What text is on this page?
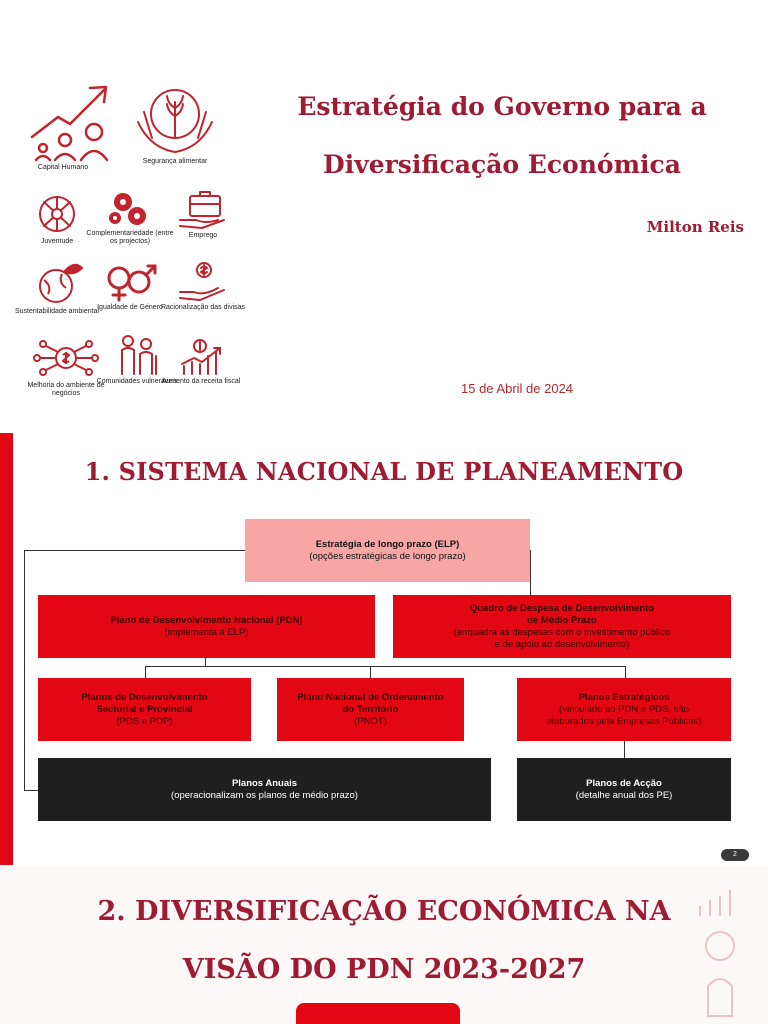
Capital Humano
Segurança alimentar
Juventude
Complementariedade (entre os projectos)
Emprego
Sustentabilidade ambiental
Igualdade de Género
Racionalização das divisas
Melhoria do ambiente de negócios
Comunidades vulneráveis
Aumento da receita fiscal
Estratégia do Governo para a
Diversificação Económica
Milton Reis
15 de Abril de 2024
1. SISTEMA NACIONAL DE PLANEAMENTO
Estratégia de longo prazo (ELP)
(opções estratégicas de longo prazo)
Plano de Desenvolvimento Nacional (PDN)
(implementa a ELP)
Quadro de Despesa de Desenvolvimento
de Médio Prazo
(enquadra as despesas com o investimento público
e de apoio ao desenvolvimento)
Planos de Desenvolvimento
Sectorial e Provincial
(PDS e PDP)
Plano Nacional de Ordenamento
do Território
(PNOT)
Planos Estratégicos
(vinculado ao PDN e PDS, são
elaborados pela Empresas Públicas)
Planos Anuais
(operacionalizam os planos de médio prazo)
Planos de Acção
(detalhe anual dos PE)
2
2. DIVERSIFICAÇÃO ECONÓMICA NA
VISÃO DO PDN 2023-2027
